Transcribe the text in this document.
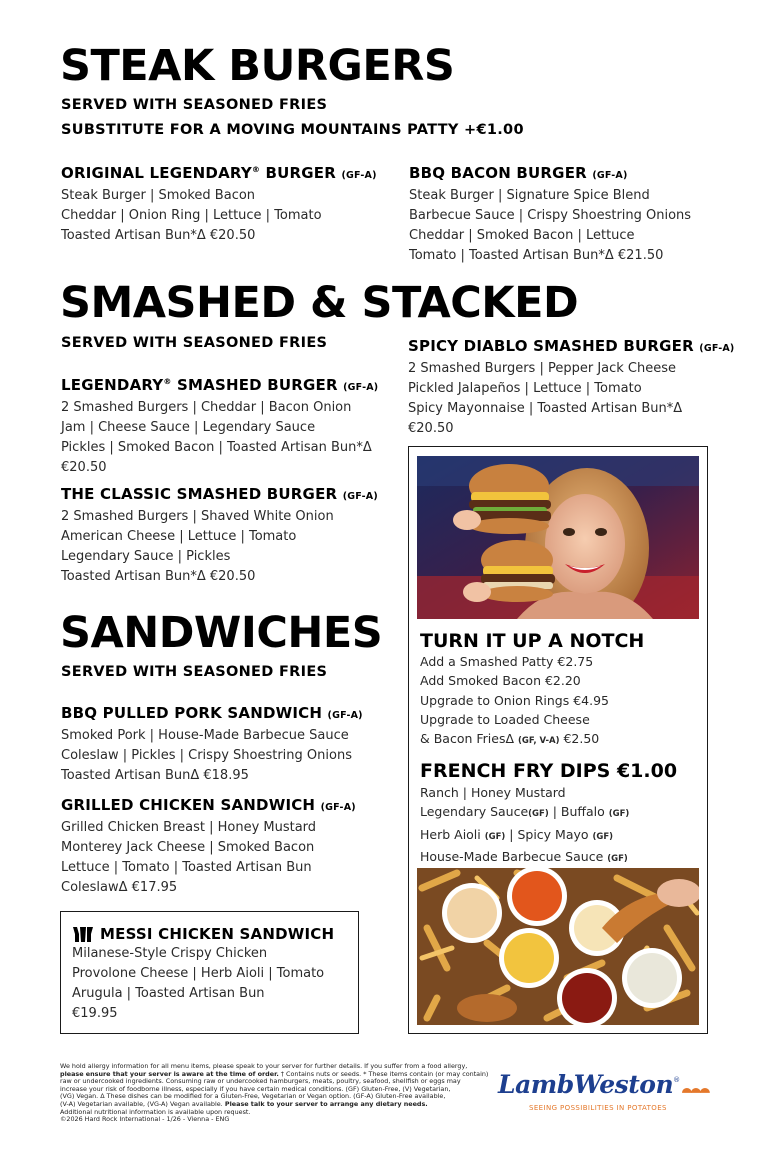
STEAK BURGERS
SERVED WITH SEASONED FRIES
SUBSTITUTE FOR A MOVING MOUNTAINS PATTY +€1.00
ORIGINAL LEGENDARY® BURGER (GF-A)
Steak Burger | Smoked Bacon
Cheddar | Onion Ring | Lettuce | Tomato
Toasted Artisan Bun*Δ €20.50
BBQ BACON BURGER (GF-A)
Steak Burger | Signature Spice Blend
Barbecue Sauce | Crispy Shoestring Onions
Cheddar | Smoked Bacon | Lettuce
Tomato | Toasted Artisan Bun*Δ €21.50
SMASHED & STACKED
SERVED WITH SEASONED FRIES
LEGENDARY® SMASHED BURGER (GF-A)
2 Smashed Burgers | Cheddar | Bacon Onion
Jam | Cheese Sauce | Legendary Sauce
Pickles | Smoked Bacon | Toasted Artisan Bun*Δ
€20.50
THE CLASSIC SMASHED BURGER (GF-A)
2 Smashed Burgers | Shaved White Onion
American Cheese | Lettuce | Tomato
Legendary Sauce | Pickles
Toasted Artisan Bun*Δ €20.50
SPICY DIABLO SMASHED BURGER (GF-A)
2 Smashed Burgers | Pepper Jack Cheese
Pickled Jalapeños | Lettuce | Tomato
Spicy Mayonnaise | Toasted Artisan Bun*Δ
€20.50
SANDWICHES
SERVED WITH SEASONED FRIES
BBQ PULLED PORK SANDWICH (GF-A)
Smoked Pork | House-Made Barbecue Sauce
Coleslaw | Pickles | Crispy Shoestring Onions
Toasted Artisan BunΔ €18.95
GRILLED CHICKEN SANDWICH (GF-A)
Grilled Chicken Breast | Honey Mustard
Monterey Jack Cheese | Smoked Bacon
Lettuce | Tomato | Toasted Artisan Bun
ColeslawΔ €17.95
MESSI CHICKEN SANDWICH
Milanese-Style Crispy Chicken
Provolone Cheese | Herb Aioli | Tomato
Arugula | Toasted Artisan Bun
€19.95
TURN IT UP A NOTCH
Add a Smashed Patty €2.75
Add Smoked Bacon €2.20
Upgrade to Onion Rings €4.95
Upgrade to Loaded Cheese
& Bacon FriesΔ (GF, V-A) €2.50
FRENCH FRY DIPS €1.00
Ranch | Honey Mustard
Legendary Sauce(GF) | Buffalo (GF)
Herb Aioli (GF) | Spicy Mayo (GF)
House-Made Barbecue Sauce (GF)
We hold allergy information for all menu items, please speak to your server for further details. If you suffer from a food allergy,
please ensure that your server is aware at the time of order. † Contains nuts or seeds. * These items contain (or may contain)
raw or undercooked ingredients. Consuming raw or undercooked hamburgers, meats, poultry, seafood, shellfish or eggs may
increase your risk of foodborne illness, especially if you have certain medical conditions. (GF) Gluten-Free, (V) Vegetarian,
(VG) Vegan. Δ These dishes can be modified for a Gluten-Free, Vegetarian or Vegan option. (GF-A) Gluten-Free available,
(V-A) Vegetarian available, (VG-A) Vegan available. Please talk to your server to arrange any dietary needs.
Additional nutritional information is available upon request.
©2026 Hard Rock International - 1/26 - Vienna - ENG
LambWeston ®
SEEING POSSIBILITIES IN POTATOES
